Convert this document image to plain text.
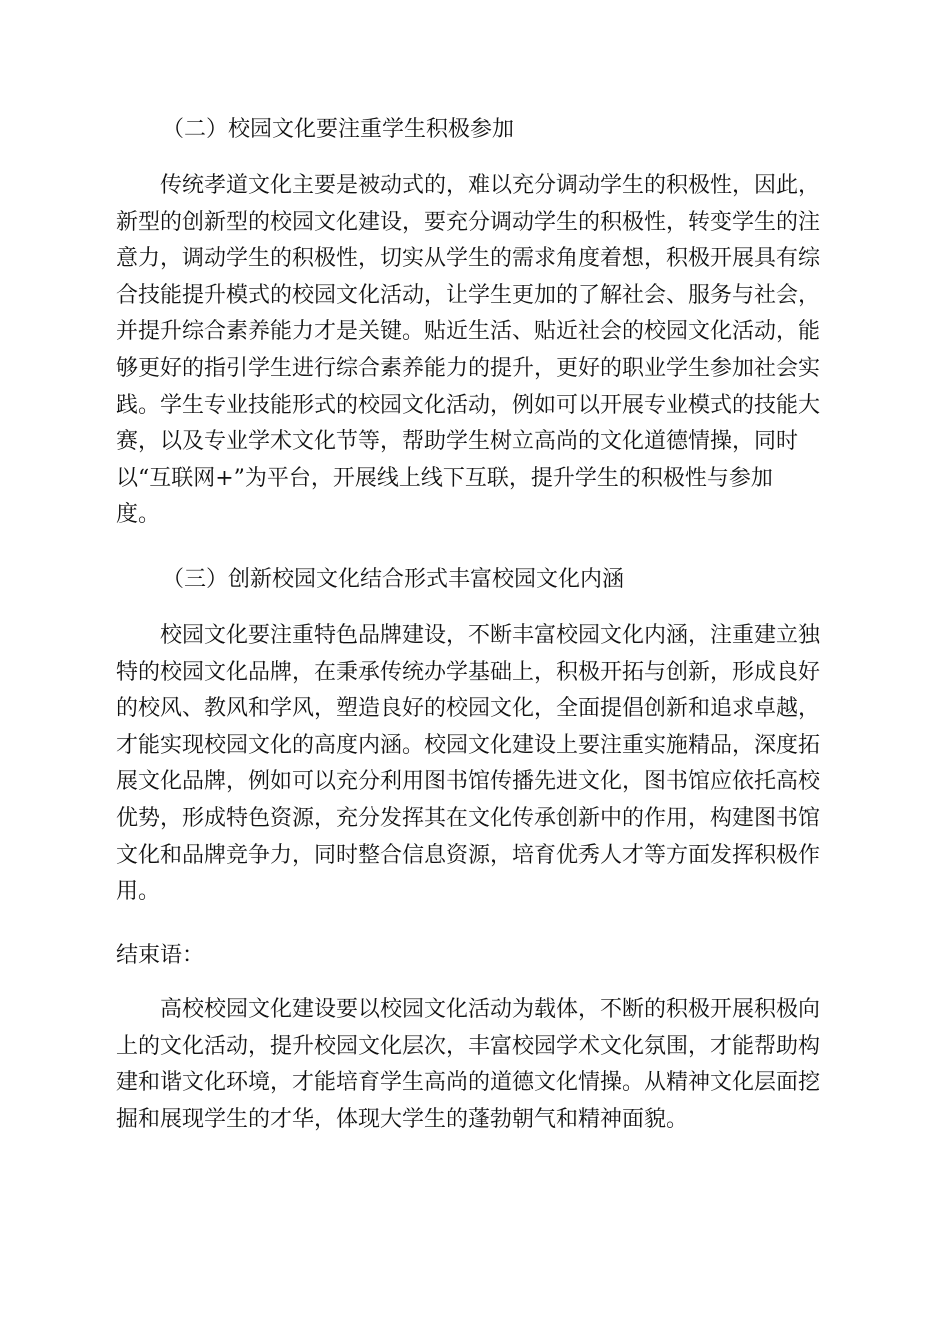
（二）校园文化要注重学生积极参加
传统孝道文化主要是被动式的，难以充分调动学生的积极性，因此，
新型的创新型的校园文化建设，要充分调动学生的积极性，转变学生的注
意力，调动学生的积极性，切实从学生的需求角度着想，积极开展具有综
合技能提升模式的校园文化活动，让学生更加的了解社会、服务与社会，
并提升综合素养能力才是关键。贴近生活、贴近社会的校园文化活动，能
够更好的指引学生进行综合素养能力的提升，更好的职业学生参加社会实
践。学生专业技能形式的校园文化活动，例如可以开展专业模式的技能大
赛，以及专业学术文化节等，帮助学生树立高尚的文化道德情操，同时
以“互联网+”为平台，开展线上线下互联，提升学生的积极性与参加
度。
（三）创新校园文化结合形式丰富校园文化内涵
校园文化要注重特色品牌建设，不断丰富校园文化内涵，注重建立独
特的校园文化品牌，在秉承传统办学基础上，积极开拓与创新，形成良好
的校风、教风和学风，塑造良好的校园文化，全面提倡创新和追求卓越，
才能实现校园文化的高度内涵。校园文化建设上要注重实施精品，深度拓
展文化品牌，例如可以充分利用图书馆传播先进文化，图书馆应依托高校
优势，形成特色资源，充分发挥其在文化传承创新中的作用，构建图书馆
文化和品牌竞争力，同时整合信息资源，培育优秀人才等方面发挥积极作
用。
结束语：
高校校园文化建设要以校园文化活动为载体，不断的积极开展积极向
上的文化活动，提升校园文化层次，丰富校园学术文化氛围，才能帮助构
建和谐文化环境，才能培育学生高尚的道德文化情操。从精神文化层面挖
掘和展现学生的才华，体现大学生的蓬勃朝气和精神面貌。
